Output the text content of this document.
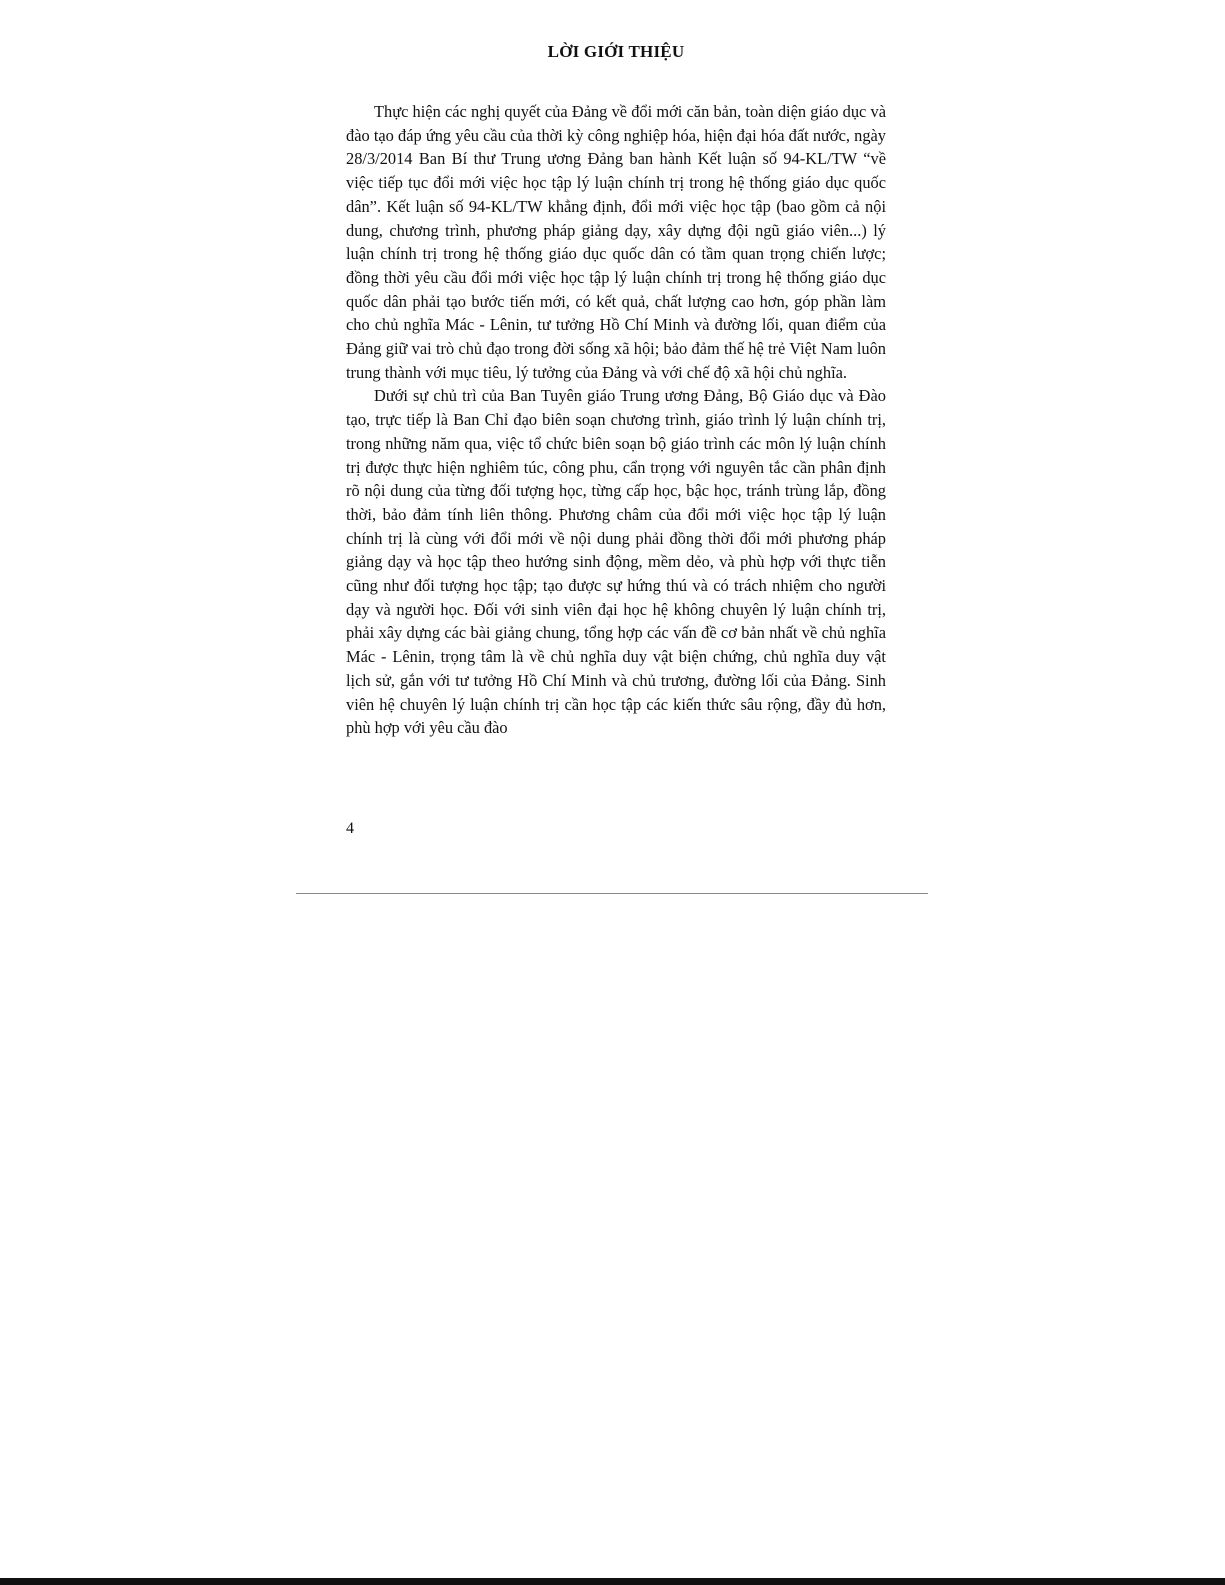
LỜI GIỚI THIỆU

Thực hiện các nghị quyết của Đảng về đổi mới căn bản, toàn diện giáo dục và đào tạo đáp ứng yêu cầu của thời kỳ công nghiệp hóa, hiện đại hóa đất nước, ngày 28/3/2014 Ban Bí thư Trung ương Đảng ban hành Kết luận số 94-KL/TW “về việc tiếp tục đổi mới việc học tập lý luận chính trị trong hệ thống giáo dục quốc dân”. Kết luận số 94-KL/TW khẳng định, đổi mới việc học tập (bao gồm cả nội dung, chương trình, phương pháp giảng dạy, xây dựng đội ngũ giáo viên...) lý luận chính trị trong hệ thống giáo dục quốc dân có tầm quan trọng chiến lược; đồng thời yêu cầu đổi mới việc học tập lý luận chính trị trong hệ thống giáo dục quốc dân phải tạo bước tiến mới, có kết quả, chất lượng cao hơn, góp phần làm cho chủ nghĩa Mác - Lênin, tư tưởng Hồ Chí Minh và đường lối, quan điểm của Đảng giữ vai trò chủ đạo trong đời sống xã hội; bảo đảm thế hệ trẻ Việt Nam luôn trung thành với mục tiêu, lý tưởng của Đảng và với chế độ xã hội chủ nghĩa.

Dưới sự chủ trì của Ban Tuyên giáo Trung ương Đảng, Bộ Giáo dục và Đào tạo, trực tiếp là Ban Chỉ đạo biên soạn chương trình, giáo trình lý luận chính trị, trong những năm qua, việc tổ chức biên soạn bộ giáo trình các môn lý luận chính trị được thực hiện nghiêm túc, công phu, cẩn trọng với nguyên tắc cần phân định rõ nội dung của từng đối tượng học, từng cấp học, bậc học, tránh trùng lắp, đồng thời, bảo đảm tính liên thông. Phương châm của đổi mới việc học tập lý luận chính trị là cùng với đổi mới về nội dung phải đồng thời đổi mới phương pháp giảng dạy và học tập theo hướng sinh động, mềm dẻo, và phù hợp với thực tiễn cũng như đối tượng học tập; tạo được sự hứng thú và có trách nhiệm cho người dạy và người học. Đối với sinh viên đại học hệ không chuyên lý luận chính trị, phải xây dựng các bài giảng chung, tổng hợp các vấn đề cơ bản nhất về chủ nghĩa Mác - Lênin, trọng tâm là về chủ nghĩa duy vật biện chứng, chủ nghĩa duy vật lịch sử, gắn với tư tưởng Hồ Chí Minh và chủ trương, đường lối của Đảng. Sinh viên hệ chuyên lý luận chính trị cần học tập các kiến thức sâu rộng, đầy đủ hơn, phù hợp với yêu cầu đào

4
